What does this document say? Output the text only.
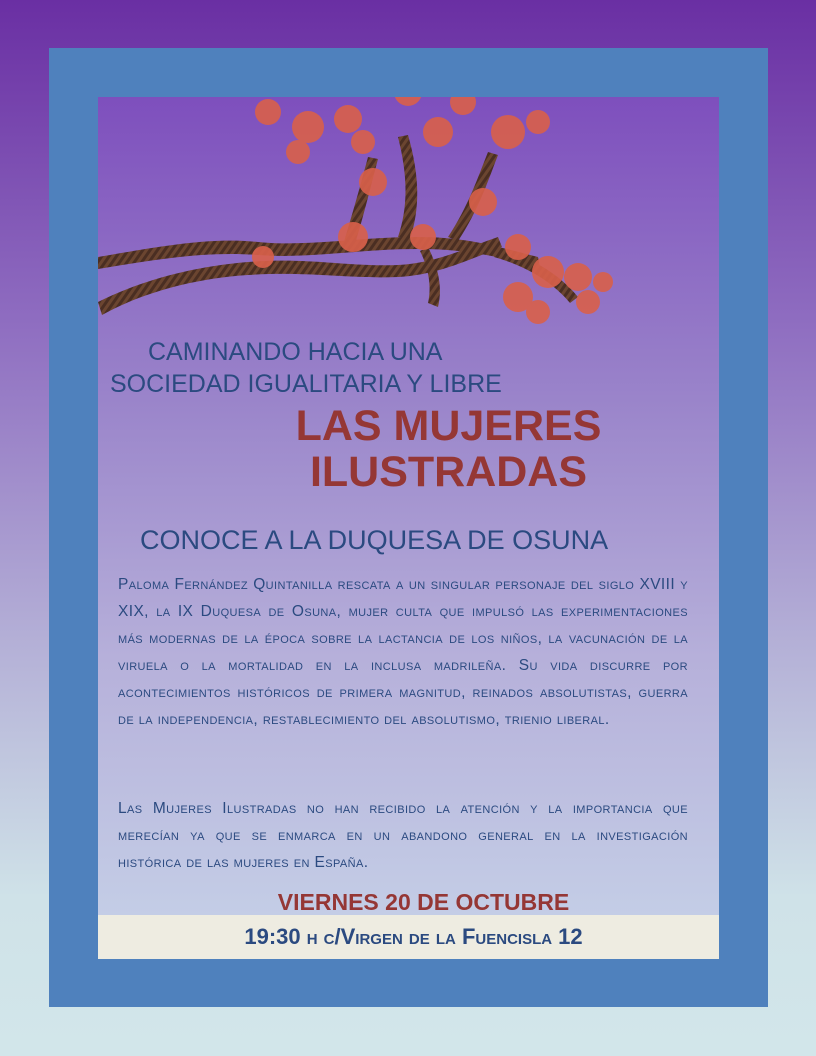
CAMINANDO HACIA UNA
SOCIEDAD IGUALITARIA Y LIBRE
LAS MUJERES
ILUSTRADAS
CONOCE A LA DUQUESA DE OSUNA

Paloma Fernández Quintanilla rescata a un singular personaje del siglo XVIII y XIX, la IX Duquesa de Osuna, mujer culta que impulsó las experimentaciones más modernas de la época sobre la lactancia de los niños, la vacunación de la viruela o la mortalidad en la inclusa madrileña. Su vida discurre por acontecimientos históricos de primera magnitud, reinados absolutistas, guerra de la independencia, restablecimiento del absolutismo, trienio liberal.

Las Mujeres Ilustradas no han recibido la atención y la importancia que merecían ya que se enmarca en un abandono general en la investigación histórica de las mujeres en España.

VIERNES 20 DE OCTUBRE
19:30 h c/Virgen de la Fuencisla 12
